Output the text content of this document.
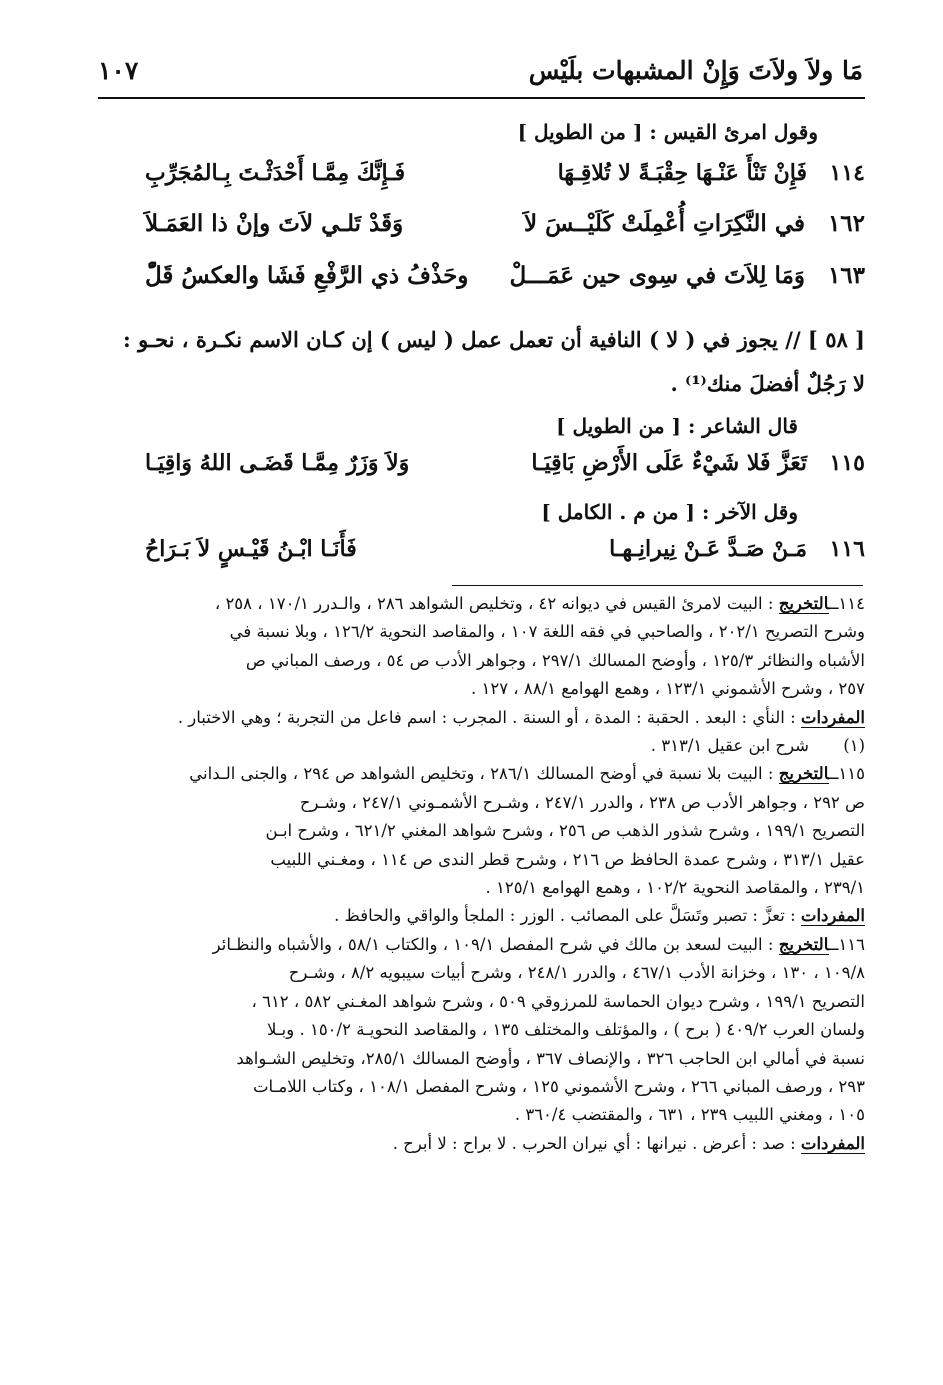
مَا ولاَ ولاَتَ وَإِنْ المشبهات بلَيْس
١٠٧
وقول امرئ القيس : [ من الطويل ]
١١٤
فَإِنْ تَنْأَ عَنْـهَا حِقْبَـةً لا تُلاقِـهَا
فَـإِنَّكَ مِمَّـا أَحْدَثْـتَ بِـالمُجَرِّبِ
١٦٢
في النَّكِرَاتِ أُعْمِلَتْ كَلَيْــسَ لاَ
وَقَدْ تَلـي لاَتَ وإنْ ذا العَمَـلاَ
١٦٣
وَمَا لِلاَتَ في سِوى حين عَمَـــلْ
وحَذْفُ ذي الرَّفْعِ فَشَا والعكسُ قَلّْ
[ ٥٨ ] // يجوز في ( لا ) النافية أن تعمل عمل ( ليس ) إن كـان الاسم نكـرة ، نحـو :
لا رَجُلٌ أفضلَ منك⁽¹⁾ .
قال الشاعر : [ من الطويل ]
١١٥
تَعَزَّ فَلا شَيْءٌ عَلَى الأَرْضِ بَاقِيَـا
وَلاَ وَزَرٌ مِمَّـا قَضَـى اللهُ وَاقِيَـا
وقل الآخر : [ من م . الكامل ]
١١٦
مَـنْ صَـدَّ عَـنْ نِيرانِـهـا
فَأَنَـا ابْـنُ قَيْـسٍ لاَ بَـرَاحُ
١١٤ــالتخريج : البيت لامرئ القيس في ديوانه ٤٢ ، وتخليص الشواهد ٢٨٦ ، والـدرر ١٧٠/١ ، ٢٥٨ ،
وشرح التصريح ٢٠٢/١ ، والصاحبي في فقه اللغة ١٠٧ ، والمقاصد النحوية ١٢٦/٢ ، وبلا نسبة في
الأشباه والنظائر ١٢٥/٣ ، وأوضح المسالك ٢٩٧/١ ، وجواهر الأدب ص ٥٤ ، ورصف المباني ص
٢٥٧ ، وشرح الأشموني ١٢٣/١ ، وهمع الهوامع ٨٨/١ ، ١٢٧ .
المفردات : النأي : البعد . الحقبة : المدة ، أو السنة . المجرب : اسم فاعل من التجربة ؛ وهي الاختبار .
(١)شرح ابن عقيل ٣١٣/١ .
١١٥ــالتخريج : البيت بلا نسبة في أوضح المسالك ٢٨٦/١ ، وتخليص الشواهد ص ٢٩٤ ، والجنى الـداني
ص ٢٩٢ ، وجواهر الأدب ص ٢٣٨ ، والدرر ٢٤٧/١ ، وشـرح الأشمـوني ٢٤٧/١ ، وشـرح
التصريح ١٩٩/١ ، وشرح شذور الذهب ص ٢٥٦ ، وشرح شواهد المغني ٦٢١/٢ ، وشرح ابـن
عقيل ٣١٣/١ ، وشرح عمدة الحافظ ص ٢١٦ ، وشرح قطر الندى ص ١١٤ ، ومغـني اللبيب
٢٣٩/١ ، والمقاصد النحوية ١٠٢/٢ ، وهمع الهوامع ١٢٥/١ .
المفردات : تعزَّ : تصبر وتَسَلَّ على المصائب . الوزر : الملجأ والواقي والحافظ .
١١٦ــالتخريج : البيت لسعد بن مالك في شرح المفصل ١٠٩/١ ، والكتاب ٥٨/١ ، والأشباه والنظـائر
١٠٩/٨ ، ١٣٠ ، وخزانة الأدب ٤٦٧/١ ، والدرر ٢٤٨/١ ، وشرح أبيات سيبويه ٨/٢ ، وشـرح
التصريح ١٩٩/١ ، وشرح ديوان الحماسة للمرزوقي ٥٠٩ ، وشرح شواهد المغـني ٥٨٢ ، ٦١٢ ،
ولسان العرب ٤٠٩/٢ ( برح ) ، والمؤتلف والمختلف ١٣٥ ، والمقاصد النحويـة ١٥٠/٢ . وبـلا
نسبة في أمالي ابن الحاجب ٣٢٦ ، والإنصاف ٣٦٧ ، وأوضح المسالك ٢٨٥/١، وتخليص الشـواهد
٢٩٣ ، ورصف المباني ٢٦٦ ، وشرح الأشموني ١٢٥ ، وشرح المفصل ١٠٨/١ ، وكتاب اللامـات
١٠٥ ، ومغني اللبيب ٢٣٩ ، ٦٣١ ، والمقتضب ٣٦٠/٤ .
المفردات : صد : أعرض . نيرانها : أي نيران الحرب . لا براح : لا أبرح .
